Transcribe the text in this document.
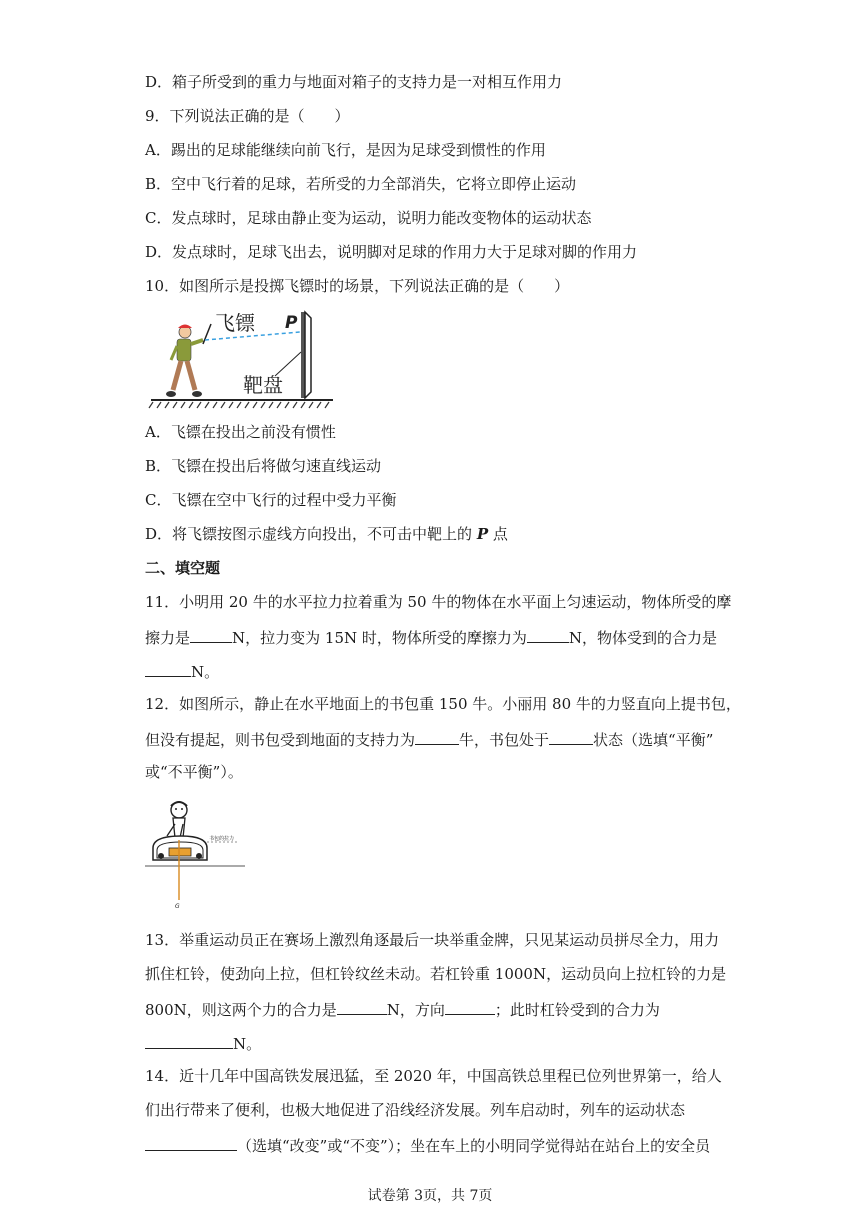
D．箱子所受到的重力与地面对箱子的支持力是一对相互作用力
9．下列说法正确的是（　　）
A．踢出的足球能继续向前飞行，是因为足球受到惯性的作用
B．空中飞行着的足球，若所受的力全部消失，它将立即停止运动
C．发点球时，足球由静止变为运动，说明力能改变物体的运动状态
D．发点球时，足球飞出去，说明脚对足球的作用力大于足球对脚的作用力
10．如图所示是投掷飞镖时的场景，下列说法正确的是（　　）
飞镖 P
靶盘
A．飞镖在投出之前没有惯性
B．飞镖在投出后将做匀速直线运动
C．飞镖在空中飞行的过程中受力平衡
D．将飞镖按图示虚线方向投出，不可击中靶上的 P 点
二、填空题
11．小明用 20 牛的水平拉力拉着重为 50 牛的物体在水平面上匀速运动，物体所受的摩
擦力是	N，拉力变为 15N 时，物体所受的摩擦力为	N，物体受到的合力是
N。
12．如图所示，静止在水平地面上的书包重 150 牛。小丽用 80 牛的力竖直向上提书包，
但没有提起，则书包受到地面的支持力为	牛，书包处于	状态（选填“平衡”
或“不平衡”）。
书包的拉力
G
13．举重运动员正在赛场上激烈角逐最后一块举重金牌，只见某运动员拼尽全力，用力
抓住杠铃，使劲向上拉，但杠铃纹丝未动。若杠铃重 1000N，运动员向上拉杠铃的力是
800N，则这两个力的合力是	N，方向	；此时杠铃受到的合力为
N。
14．近十几年中国高铁发展迅猛，至 2020 年，中国高铁总里程已位列世界第一，给人
们出行带来了便利，也极大地促进了沿线经济发展。列车启动时，列车的运动状态
（选填“改变”或“不变”）；坐在车上的小明同学觉得站在站台上的安全员
试卷第 3页，共 7页
